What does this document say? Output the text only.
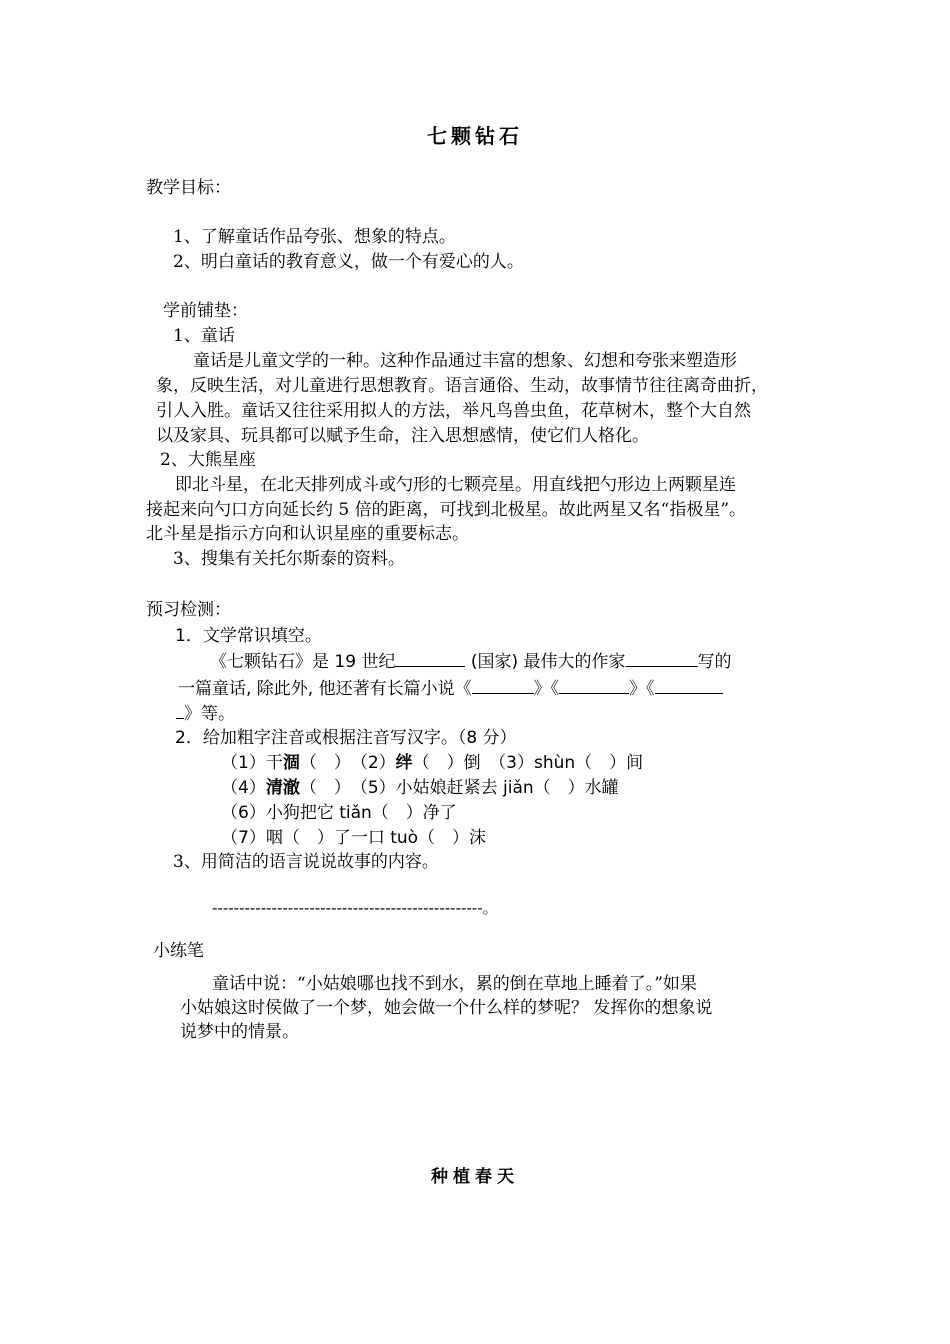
七颗钻石
教学目标：
1、了解童话作品夸张、想象的特点。
2、明白童话的教育意义，做一个有爱心的人。
学前铺垫：
1、童话
童话是儿童文学的一种。这种作品通过丰富的想象、幻想和夸张来塑造形
象，反映生活，对儿童进行思想教育。语言通俗、生动，故事情节往往离奇曲折，
引人入胜。童话又往往采用拟人的方法，举凡鸟兽虫鱼，花草树木，整个大自然
以及家具、玩具都可以赋予生命，注入思想感情，使它们人格化。
2、大熊星座
即北斗星，在北天排列成斗或勺形的七颗亮星。用直线把勺形边上两颗星连
接起来向勺口方向延长约 5 倍的距离，可找到北极星。故此两星又名“指极星”。
北斗星是指示方向和认识星座的重要标志。
3、搜集有关托尔斯泰的资料。
预习检测：
1．文学常识填空。
《七颗钻石》是 19 世纪	(国家) 最伟大的作家	写的
一篇童话, 除此外, 他还著有长篇小说《	》《	》《
》等。
2．给加粗字注音或根据注音写汉字。（8 分）
（1）干涸（　）　（2）绊（　）倒　（3）shùn（　）间
（4）清澈（　）　（5）小姑娘赶紧去 jiǎn（　）水罐
（6）小狗把它 tiǎn（　）净了
（7）咽（　）了一口 tuò（　）沫
3、用简洁的语言说说故事的内容。
--------------------------------------------------。
小练笔
童话中说：“小姑娘哪也找不到水，累的倒在草地上睡着了。”如果
小姑娘这时侯做了一个梦，她会做一个什么样的梦呢？ 发挥你的想象说
说梦中的情景。
种植春天
